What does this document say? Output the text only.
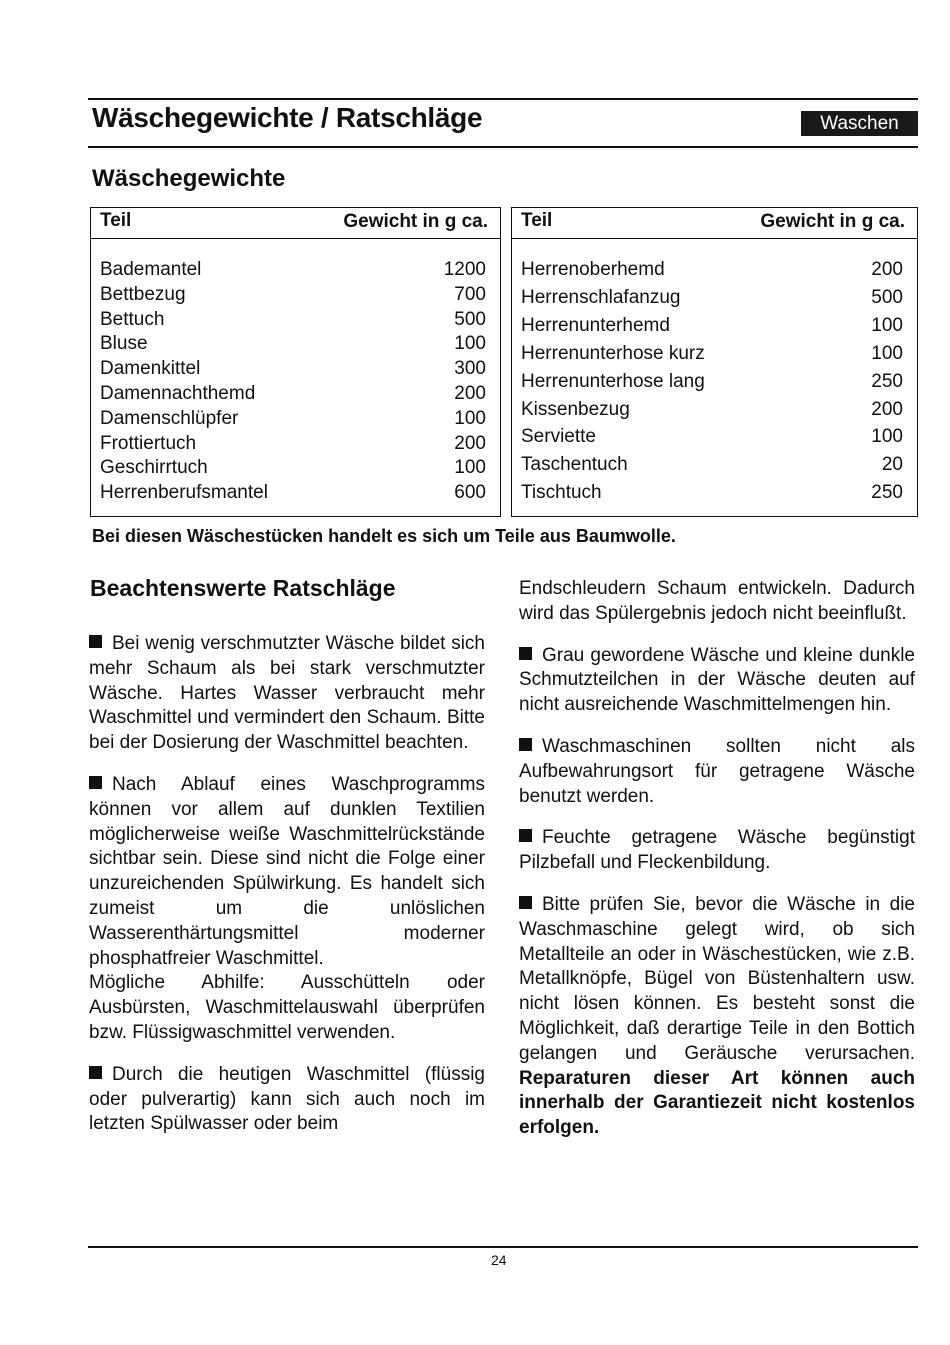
Wäschegewichte / Ratschläge	Waschen
Wäschegewichte
Teil	Gewicht in g ca.
Bademantel	1200
Bettbezug	700
Bettuch	500
Bluse	100
Damenkittel	300
Damennachthemd	200
Damenschlüpfer	100
Frottiertuch	200
Geschirrtuch	100
Herrenberufsmantel	600
Teil	Gewicht in g ca.
Herrenoberhemd	200
Herrenschlafanzug	500
Herrenunterhemd	100
Herrenunterhose kurz	100
Herrenunterhose lang	250
Kissenbezug	200
Serviette	100
Taschentuch	20
Tischtuch	250
Bei diesen Wäschestücken handelt es sich um Teile aus Baumwolle.
Beachtenswerte Ratschläge

Bei wenig verschmutzter Wäsche bildet sich mehr Schaum als bei stark verschmutzter Wäsche. Hartes Wasser verbraucht mehr Waschmittel und vermindert den Schaum. Bitte bei der Dosierung der Waschmittel beachten.

Nach Ablauf eines Waschprogramms können vor allem auf dunklen Textilien möglicherweise weiße Waschmittelrückstände sichtbar sein. Diese sind nicht die Folge einer unzureichenden Spülwirkung. Es handelt sich zumeist um die unlöslichen Wasserenthärtungsmittel moderner phosphatfreier Waschmittel.

Mögliche Abhilfe: Ausschütteln oder Ausbürsten, Waschmittelauswahl überprüfen bzw. Flüssigwaschmittel verwenden.

Durch die heutigen Waschmittel (flüssig oder pulverartig) kann sich auch noch im letzten Spülwasser oder beim

Endschleudern Schaum entwickeln. Dadurch wird das Spülergebnis jedoch nicht beeinflußt.

Grau gewordene Wäsche und kleine dunkle Schmutzteilchen in der Wäsche deuten auf nicht ausreichende Waschmittelmengen hin.

Waschmaschinen sollten nicht als Aufbewahrungsort für getragene Wäsche benutzt werden.

Feuchte getragene Wäsche begünstigt Pilzbefall und Fleckenbildung.

Bitte prüfen Sie, bevor die Wäsche in die Waschmaschine gelegt wird, ob sich Metallteile an oder in Wäschestücken, wie z.B. Metallknöpfe, Bügel von Büstenhaltern usw. nicht lösen können. Es besteht sonst die Möglichkeit, daß derartige Teile in den Bottich gelangen und Geräusche verursachen. Reparaturen dieser Art können auch innerhalb der Garantiezeit nicht kostenlos erfolgen.

24
